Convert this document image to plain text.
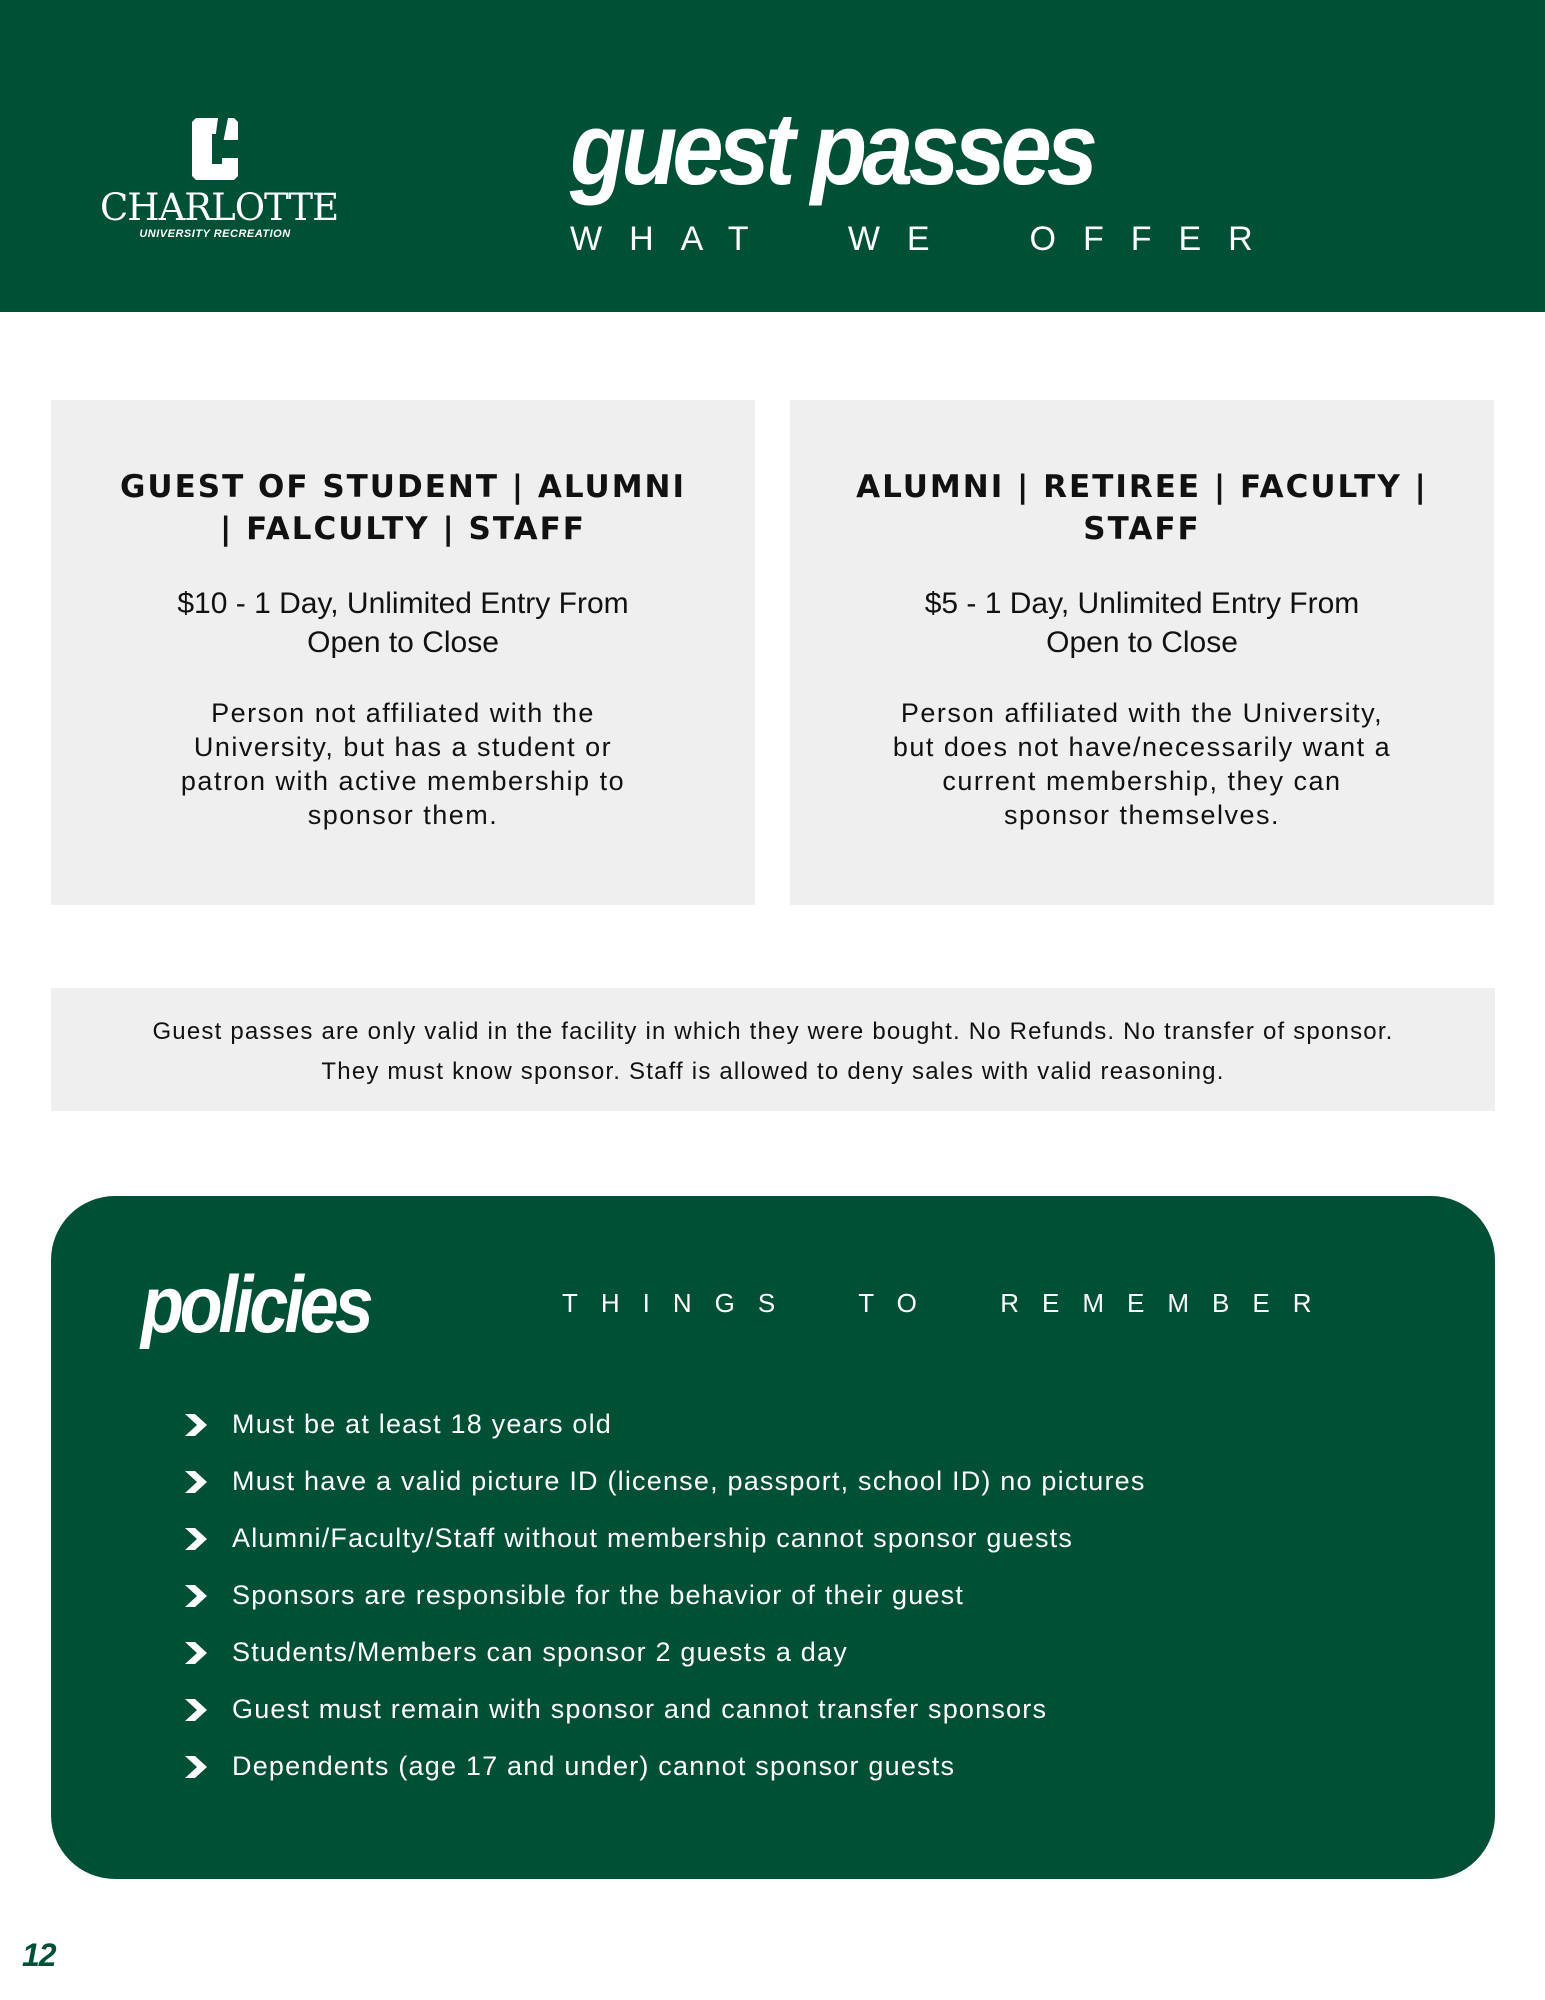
CHARLOTTE
UNIVERSITY RECREATION
guest passes
WHAT  WE  OFFER
GUEST OF STUDENT | ALUMNI | FALCULTY | STAFF
$10 - 1 Day, Unlimited Entry From Open to Close
Person not affiliated with the University, but has a student or patron with active membership to sponsor them.
ALUMNI | RETIREE | FACULTY | STAFF
$5 - 1 Day, Unlimited Entry From Open to Close
Person affiliated with the University, but does not have/necessarily want a current membership, they can sponsor themselves.
Guest passes are only valid in the facility in which they were bought. No Refunds. No transfer of sponsor.
They must know sponsor. Staff is allowed to deny sales with valid reasoning.
policies	THINGS  TO  REMEMBER
Must be at least 18 years old
Must have a valid picture ID (license, passport, school ID) no pictures
Alumni/Faculty/Staff without membership cannot sponsor guests
Sponsors are responsible for the behavior of their guest
Students/Members can sponsor 2 guests a day
Guest must remain with sponsor and cannot transfer sponsors
Dependents (age 17 and under) cannot sponsor guests
12
